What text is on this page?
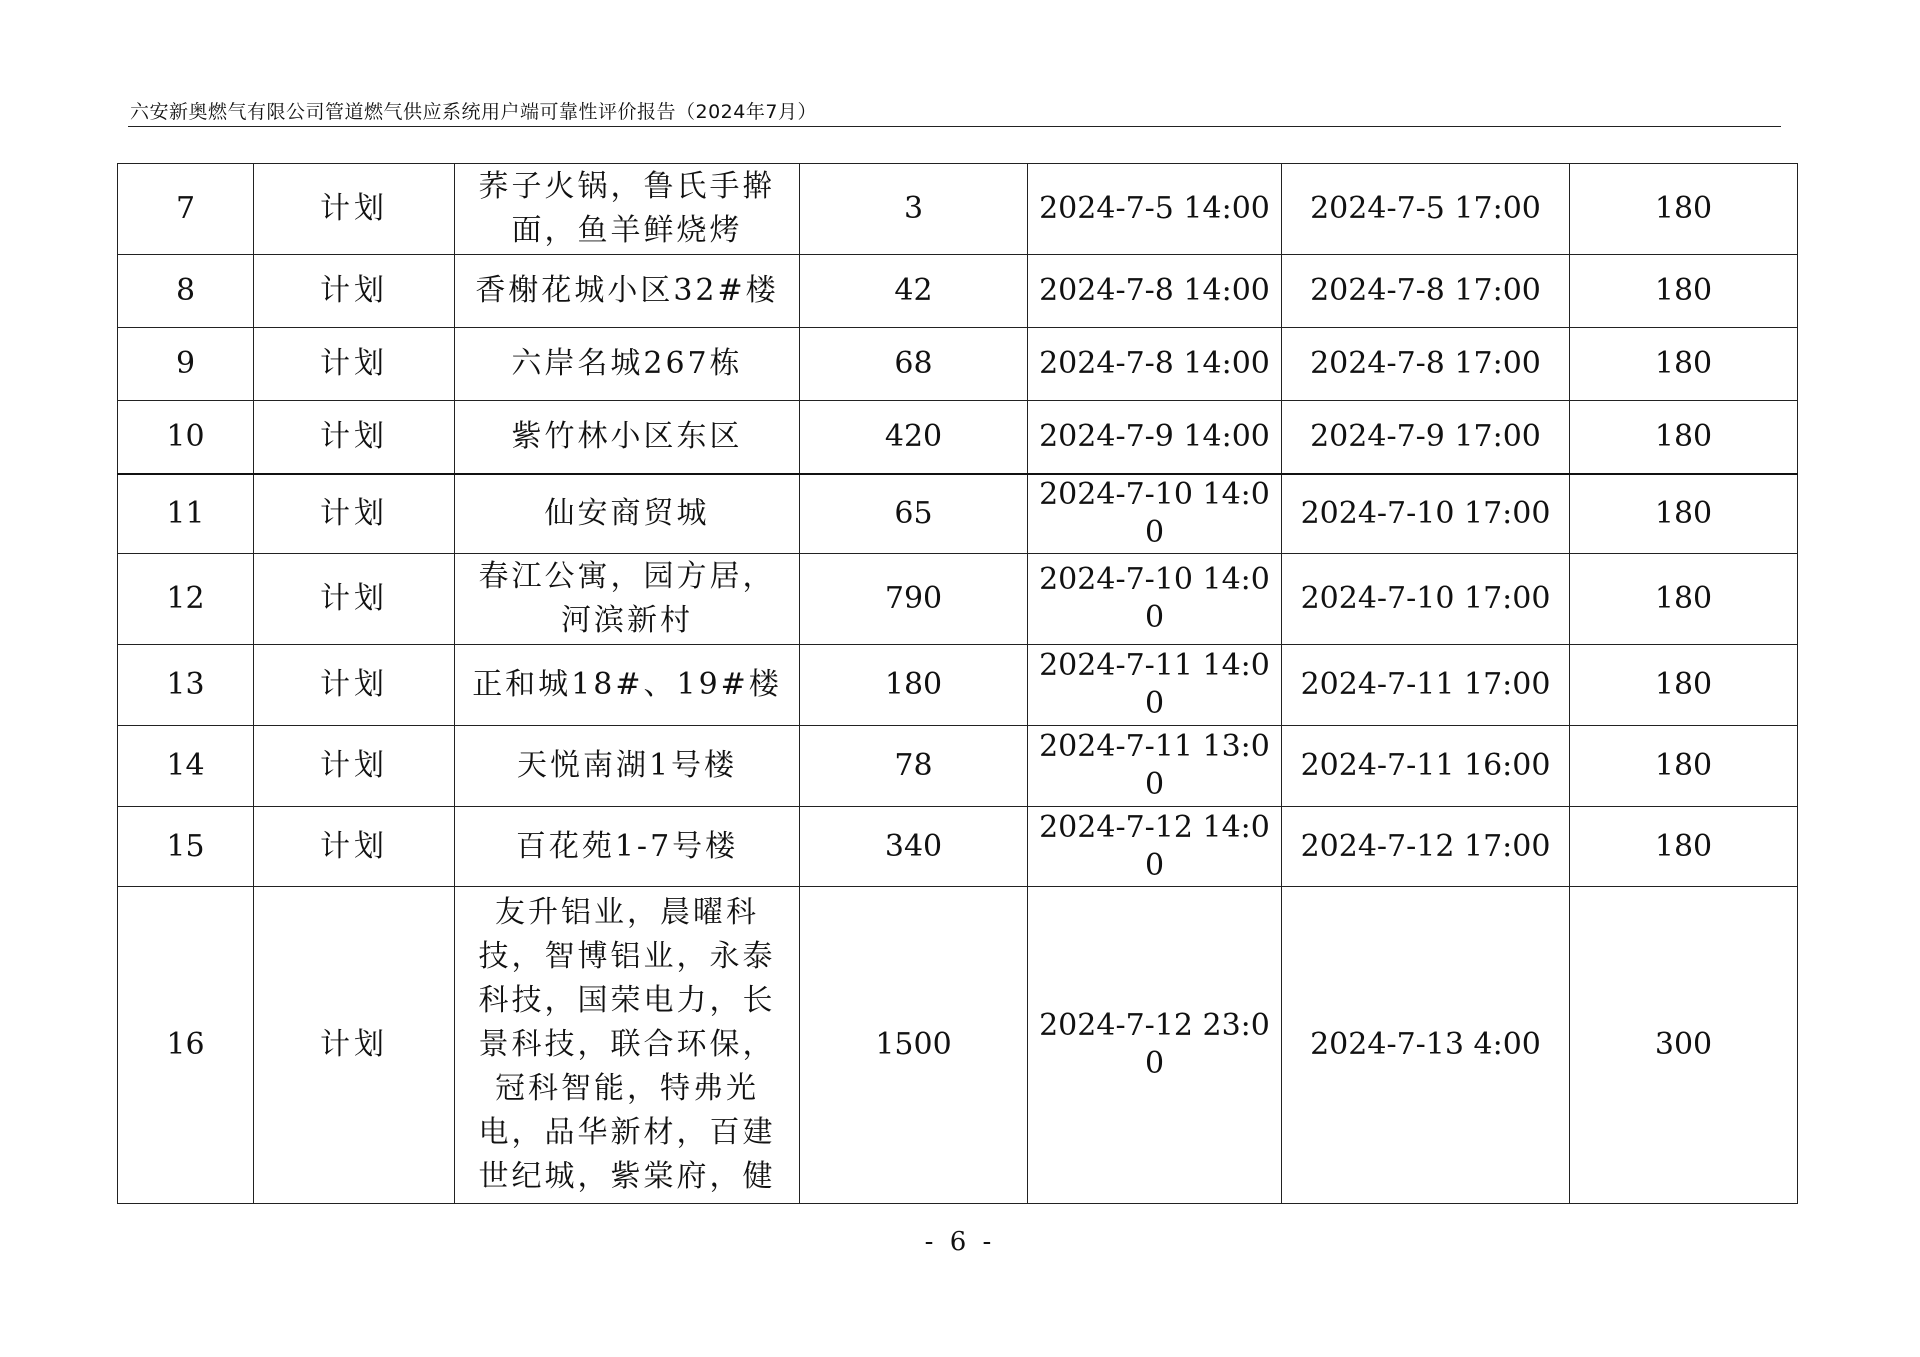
六安新奥燃气有限公司管道燃气供应系统用户端可靠性评价报告（2024年7月）
7	计划	荞子火锅，鲁氏手擀面，鱼羊鲜烧烤	3	2024-7-5 14:00	2024-7-5 17:00	180
8	计划	香榭花城小区32#楼	42	2024-7-8 14:00	2024-7-8 17:00	180
9	计划	六岸名城267栋	68	2024-7-8 14:00	2024-7-8 17:00	180
10	计划	紫竹林小区东区	420	2024-7-9 14:00	2024-7-9 17:00	180
11	计划	仙安商贸城	65	2024-7-10 14:00	2024-7-10 17:00	180
12	计划	春江公寓，园方居，河滨新村	790	2024-7-10 14:00	2024-7-10 17:00	180
13	计划	正和城18#、19#楼	180	2024-7-11 14:00	2024-7-11 17:00	180
14	计划	天悦南湖1号楼	78	2024-7-11 13:00	2024-7-11 16:00	180
15	计划	百花苑1-7号楼	340	2024-7-12 14:00	2024-7-12 17:00	180
16	计划	友升铝业，晨曜科技，智博铝业，永泰科技，国荣电力，长景科技，联合环保，冠科智能，特弗光电，品华新材，百建世纪城，紫棠府，健	1500	2024-7-12 23:00	2024-7-13 4:00	300
- 6 -
